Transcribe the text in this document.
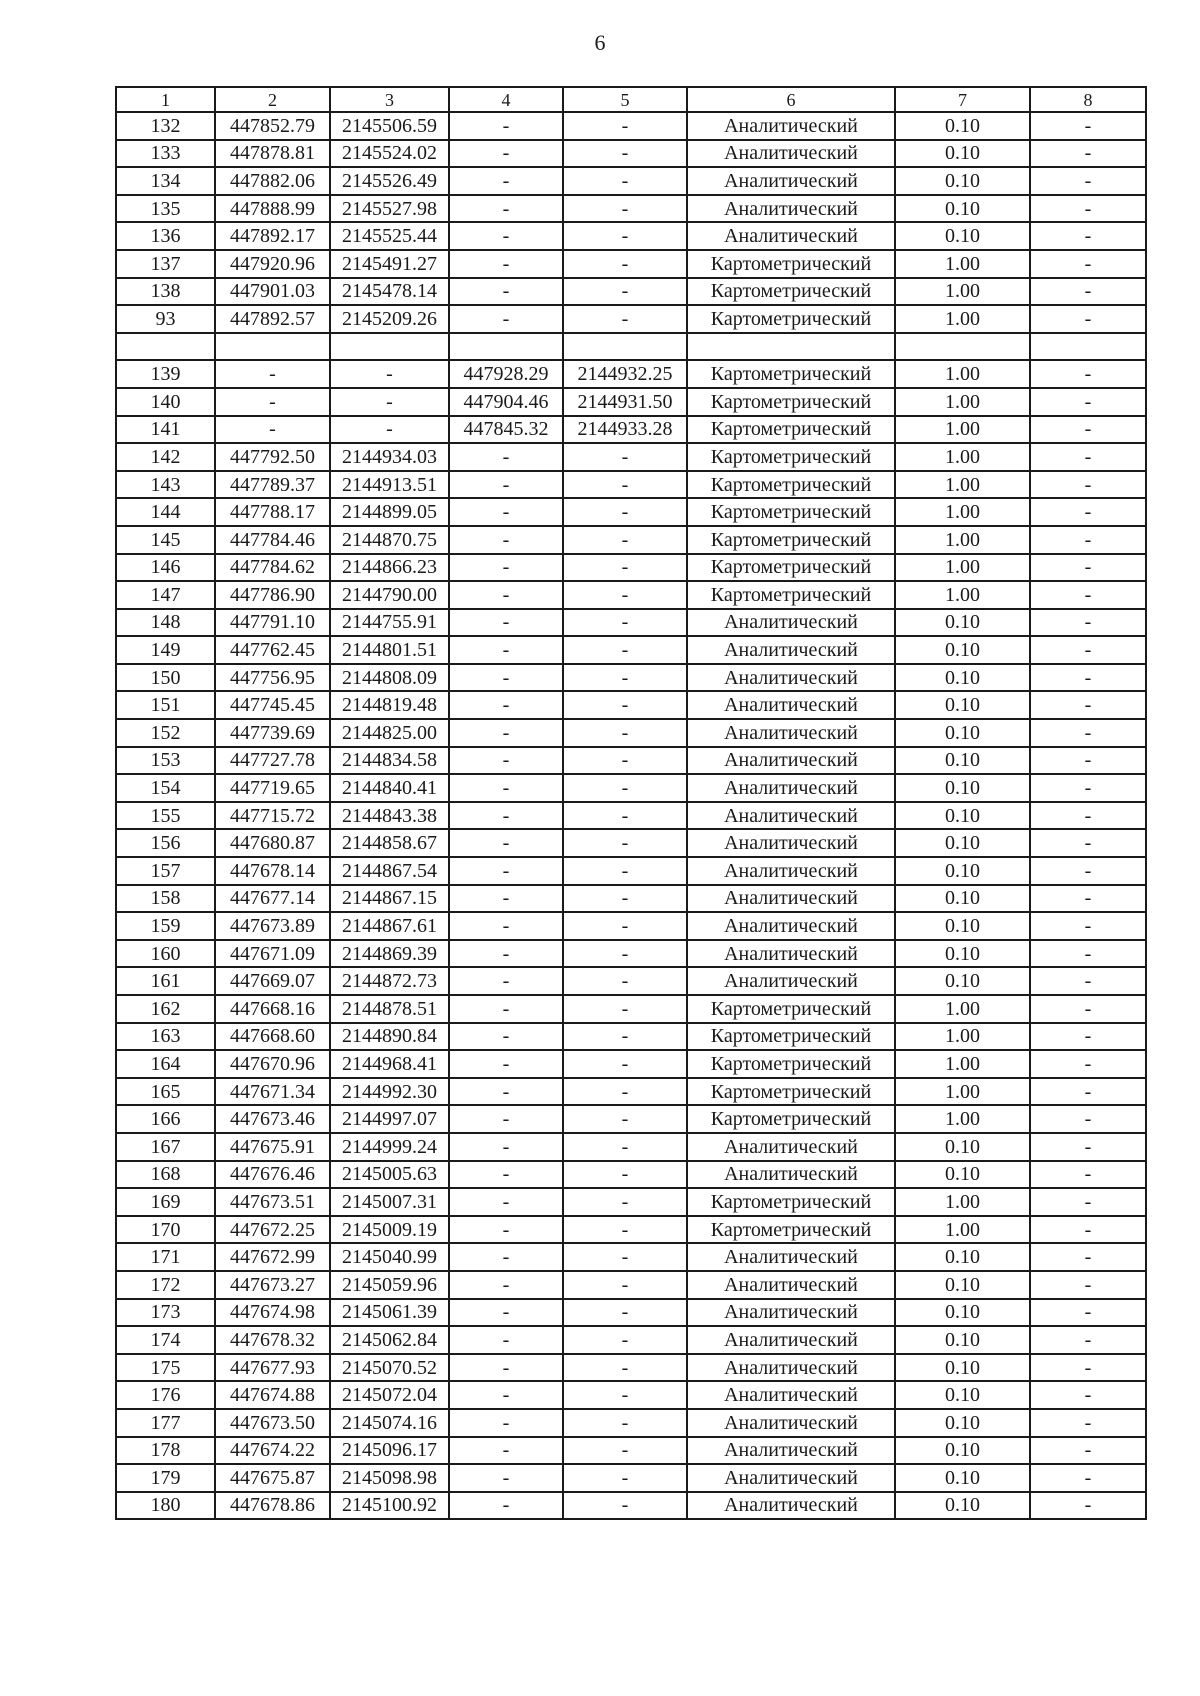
6
1	2	3	4	5	6	7	8
132	447852.79	2145506.59	-	-	Аналитический	0.10	-
133	447878.81	2145524.02	-	-	Аналитический	0.10	-
134	447882.06	2145526.49	-	-	Аналитический	0.10	-
135	447888.99	2145527.98	-	-	Аналитический	0.10	-
136	447892.17	2145525.44	-	-	Аналитический	0.10	-
137	447920.96	2145491.27	-	-	Картометрический	1.00	-
138	447901.03	2145478.14	-	-	Картометрический	1.00	-
93	447892.57	2145209.26	-	-	Картометрический	1.00	-

139	-	-	447928.29	2144932.25	Картометрический	1.00	-
140	-	-	447904.46	2144931.50	Картометрический	1.00	-
141	-	-	447845.32	2144933.28	Картометрический	1.00	-
142	447792.50	2144934.03	-	-	Картометрический	1.00	-
143	447789.37	2144913.51	-	-	Картометрический	1.00	-
144	447788.17	2144899.05	-	-	Картометрический	1.00	-
145	447784.46	2144870.75	-	-	Картометрический	1.00	-
146	447784.62	2144866.23	-	-	Картометрический	1.00	-
147	447786.90	2144790.00	-	-	Картометрический	1.00	-
148	447791.10	2144755.91	-	-	Аналитический	0.10	-
149	447762.45	2144801.51	-	-	Аналитический	0.10	-
150	447756.95	2144808.09	-	-	Аналитический	0.10	-
151	447745.45	2144819.48	-	-	Аналитический	0.10	-
152	447739.69	2144825.00	-	-	Аналитический	0.10	-
153	447727.78	2144834.58	-	-	Аналитический	0.10	-
154	447719.65	2144840.41	-	-	Аналитический	0.10	-
155	447715.72	2144843.38	-	-	Аналитический	0.10	-
156	447680.87	2144858.67	-	-	Аналитический	0.10	-
157	447678.14	2144867.54	-	-	Аналитический	0.10	-
158	447677.14	2144867.15	-	-	Аналитический	0.10	-
159	447673.89	2144867.61	-	-	Аналитический	0.10	-
160	447671.09	2144869.39	-	-	Аналитический	0.10	-
161	447669.07	2144872.73	-	-	Аналитический	0.10	-
162	447668.16	2144878.51	-	-	Картометрический	1.00	-
163	447668.60	2144890.84	-	-	Картометрический	1.00	-
164	447670.96	2144968.41	-	-	Картометрический	1.00	-
165	447671.34	2144992.30	-	-	Картометрический	1.00	-
166	447673.46	2144997.07	-	-	Картометрический	1.00	-
167	447675.91	2144999.24	-	-	Аналитический	0.10	-
168	447676.46	2145005.63	-	-	Аналитический	0.10	-
169	447673.51	2145007.31	-	-	Картометрический	1.00	-
170	447672.25	2145009.19	-	-	Картометрический	1.00	-
171	447672.99	2145040.99	-	-	Аналитический	0.10	-
172	447673.27	2145059.96	-	-	Аналитический	0.10	-
173	447674.98	2145061.39	-	-	Аналитический	0.10	-
174	447678.32	2145062.84	-	-	Аналитический	0.10	-
175	447677.93	2145070.52	-	-	Аналитический	0.10	-
176	447674.88	2145072.04	-	-	Аналитический	0.10	-
177	447673.50	2145074.16	-	-	Аналитический	0.10	-
178	447674.22	2145096.17	-	-	Аналитический	0.10	-
179	447675.87	2145098.98	-	-	Аналитический	0.10	-
180	447678.86	2145100.92	-	-	Аналитический	0.10	-
